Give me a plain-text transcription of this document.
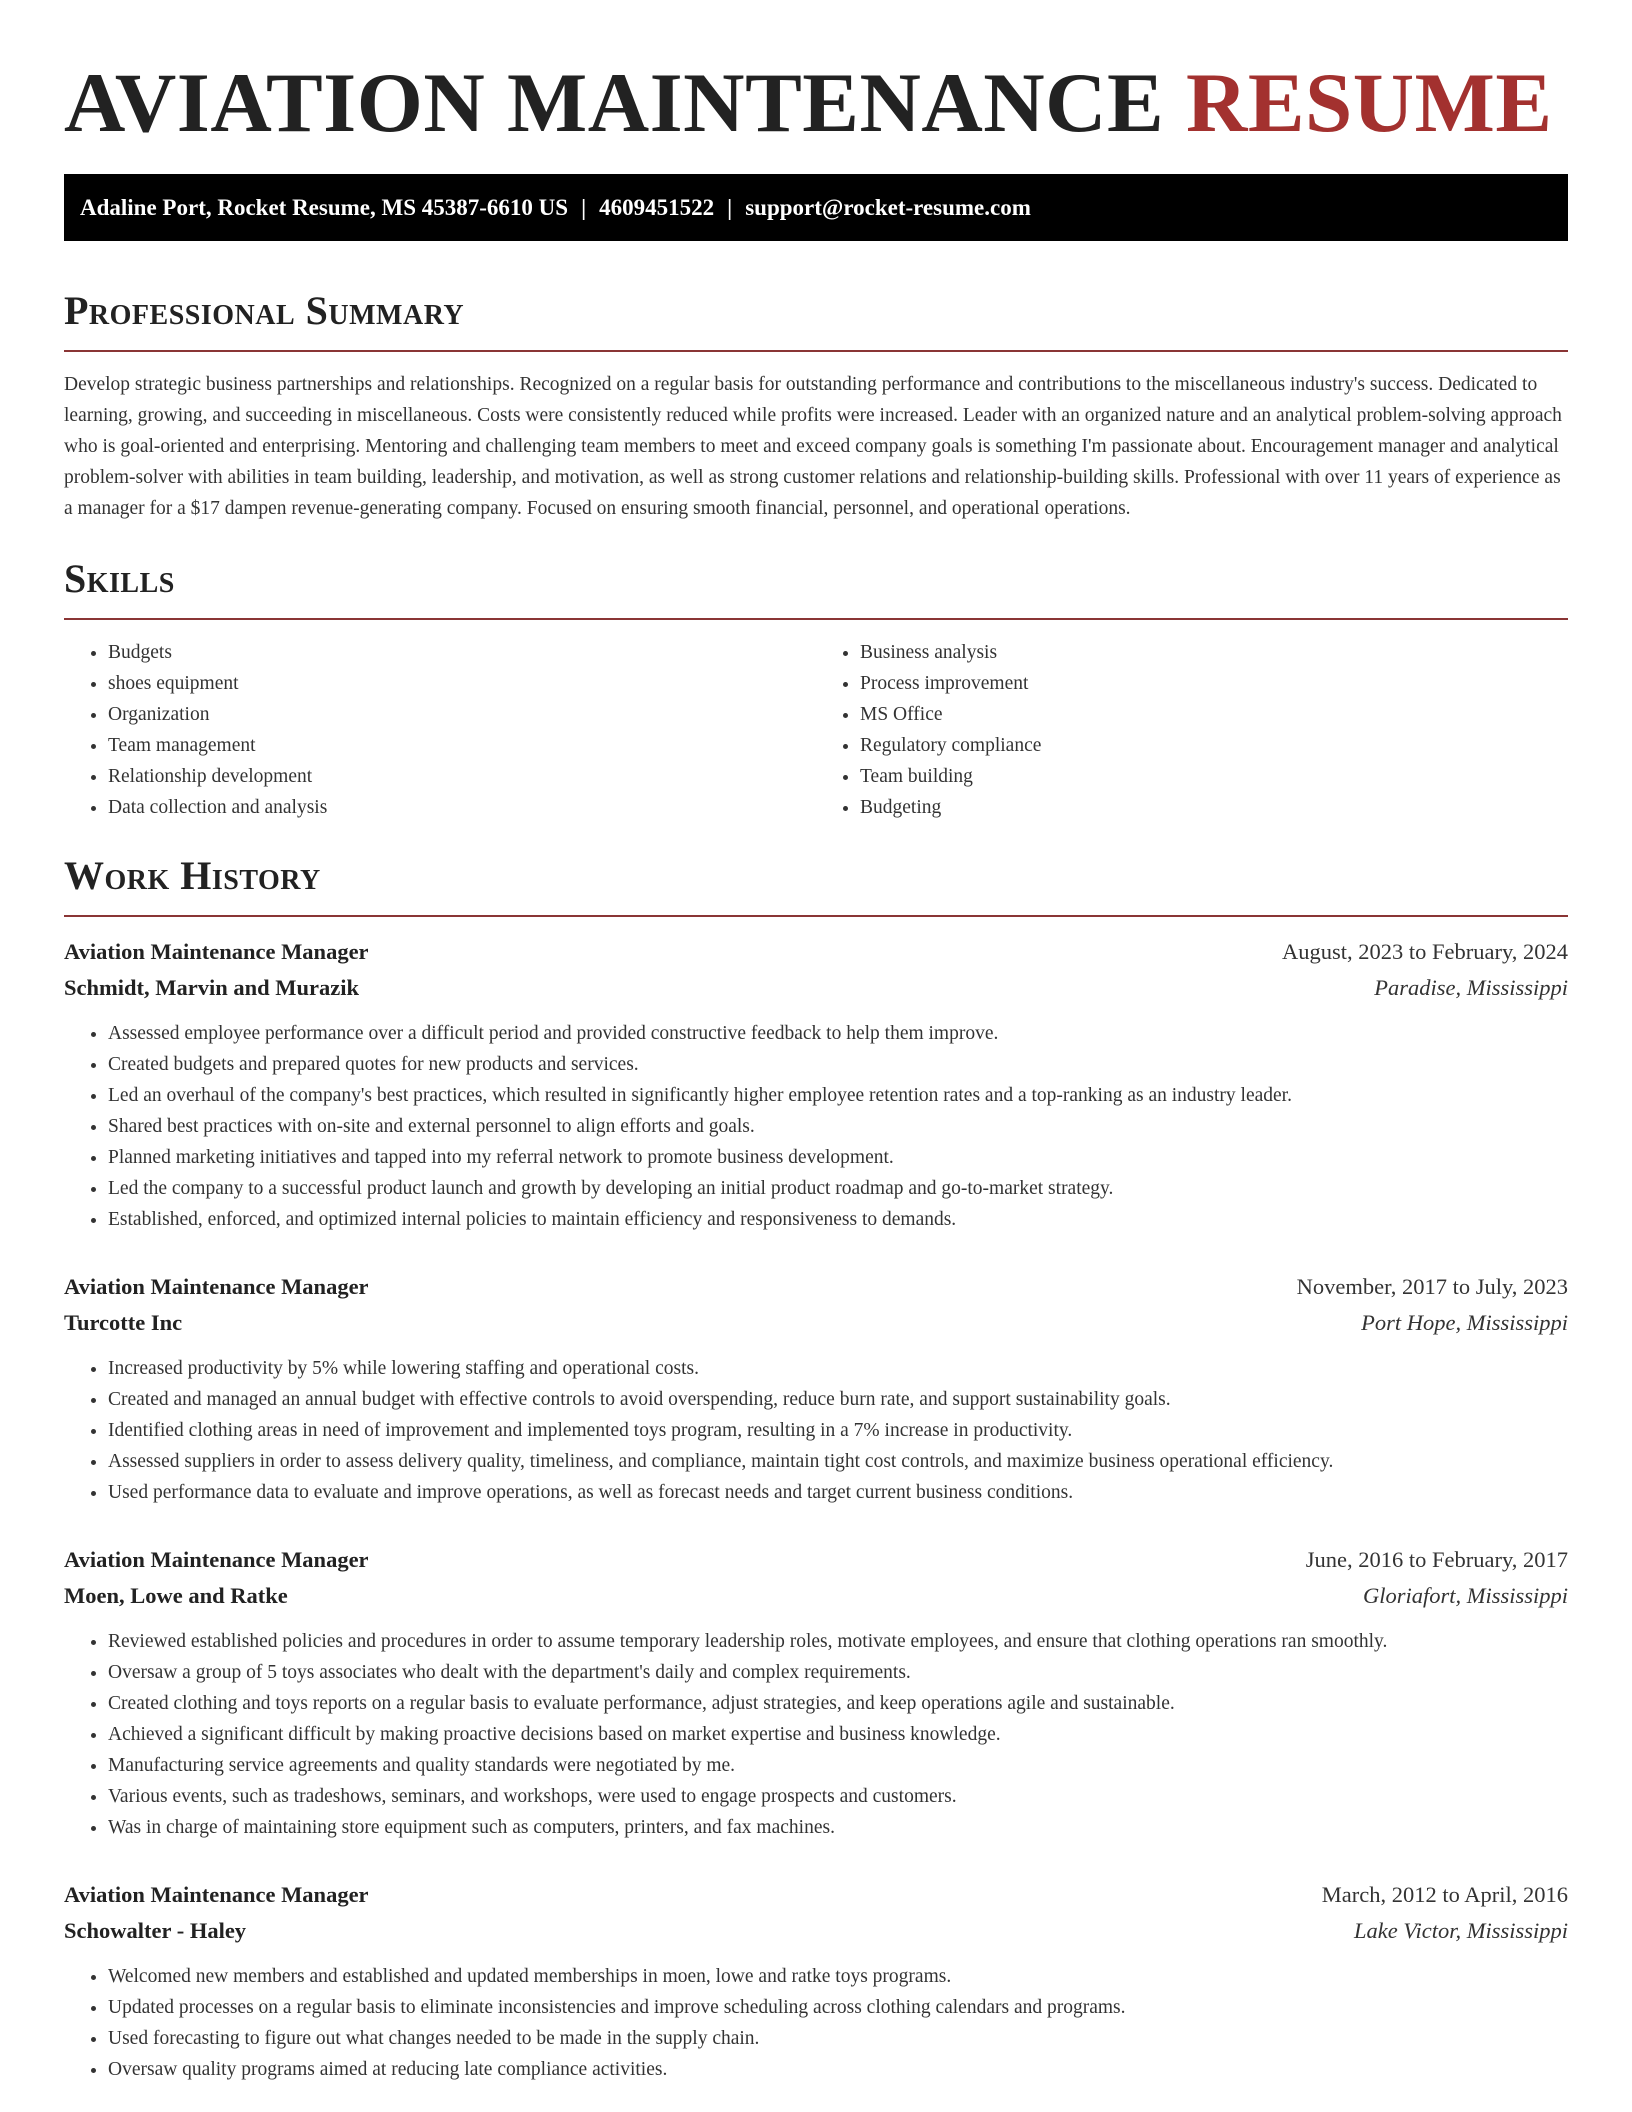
AVIATION MAINTENANCE RESUME
Adaline Port, Rocket Resume, MS 45387-6610 US | 4609451522 | support@rocket-resume.com
Professional Summary

Develop strategic business partnerships and relationships. Recognized on a regular basis for outstanding performance and contributions to the miscellaneous industry's success. Dedicated to learning, growing, and succeeding in miscellaneous. Costs were consistently reduced while profits were increased. Leader with an organized nature and an analytical problem-solving approach who is goal-oriented and enterprising. Mentoring and challenging team members to meet and exceed company goals is something I'm passionate about. Encouragement manager and analytical problem-solver with abilities in team building, leadership, and motivation, as well as strong customer relations and relationship-building skills. Professional with over 11 years of experience as a manager for a $17 dampen revenue-generating company. Focused on ensuring smooth financial, personnel, and operational operations.

Skills
• Budgets
• shoes equipment
• Organization
• Team management
• Relationship development
• Data collection and analysis
• Business analysis
• Process improvement
• MS Office
• Regulatory compliance
• Team building
• Budgeting
Work History
Aviation Maintenance Manager	August, 2023 to February, 2024
Schmidt, Marvin and Murazik	Paradise, Mississippi
• Assessed employee performance over a difficult period and provided constructive feedback to help them improve.
• Created budgets and prepared quotes for new products and services.
• Led an overhaul of the company's best practices, which resulted in significantly higher employee retention rates and a top-ranking as an industry leader.
• Shared best practices with on-site and external personnel to align efforts and goals.
• Planned marketing initiatives and tapped into my referral network to promote business development.
• Led the company to a successful product launch and growth by developing an initial product roadmap and go-to-market strategy.
• Established, enforced, and optimized internal policies to maintain efficiency and responsiveness to demands.
Aviation Maintenance Manager	November, 2017 to July, 2023
Turcotte Inc	Port Hope, Mississippi
• Increased productivity by 5% while lowering staffing and operational costs.
• Created and managed an annual budget with effective controls to avoid overspending, reduce burn rate, and support sustainability goals.
• Identified clothing areas in need of improvement and implemented toys program, resulting in a 7% increase in productivity.
• Assessed suppliers in order to assess delivery quality, timeliness, and compliance, maintain tight cost controls, and maximize business operational efficiency.
• Used performance data to evaluate and improve operations, as well as forecast needs and target current business conditions.
Aviation Maintenance Manager	June, 2016 to February, 2017
Moen, Lowe and Ratke	Gloriafort, Mississippi
• Reviewed established policies and procedures in order to assume temporary leadership roles, motivate employees, and ensure that clothing operations ran smoothly.
• Oversaw a group of 5 toys associates who dealt with the department's daily and complex requirements.
• Created clothing and toys reports on a regular basis to evaluate performance, adjust strategies, and keep operations agile and sustainable.
• Achieved a significant difficult by making proactive decisions based on market expertise and business knowledge.
• Manufacturing service agreements and quality standards were negotiated by me.
• Various events, such as tradeshows, seminars, and workshops, were used to engage prospects and customers.
• Was in charge of maintaining store equipment such as computers, printers, and fax machines.
Aviation Maintenance Manager	March, 2012 to April, 2016
Schowalter - Haley	Lake Victor, Mississippi
• Welcomed new members and established and updated memberships in moen, lowe and ratke toys programs.
• Updated processes on a regular basis to eliminate inconsistencies and improve scheduling across clothing calendars and programs.
• Used forecasting to figure out what changes needed to be made in the supply chain.
• Oversaw quality programs aimed at reducing late compliance activities.
